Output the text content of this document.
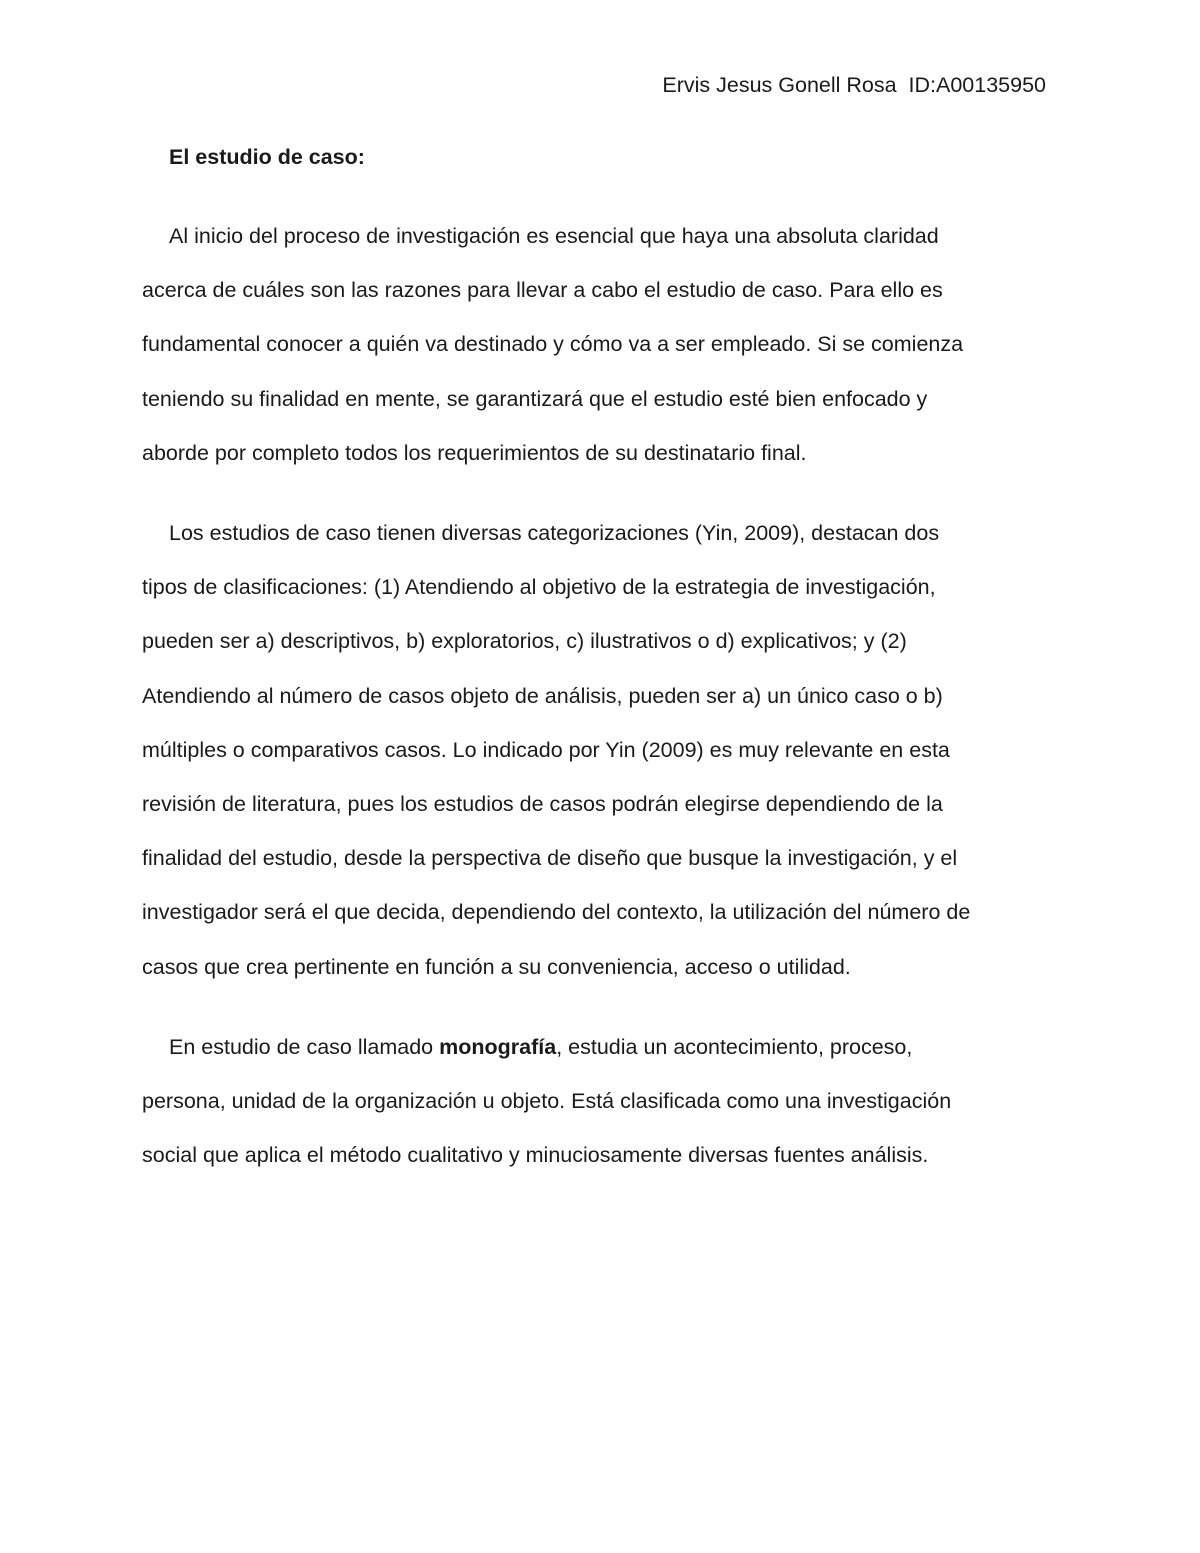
Ervis Jesus Gonell Rosa  ID:A00135950
El estudio de caso:
Al inicio del proceso de investigación es esencial que haya una absoluta claridad
acerca de cuáles son las razones para llevar a cabo el estudio de caso. Para ello es
fundamental conocer a quién va destinado y cómo va a ser empleado. Si se comienza
teniendo su finalidad en mente, se garantizará que el estudio esté bien enfocado y
aborde por completo todos los requerimientos de su destinatario final.
Los estudios de caso tienen diversas categorizaciones (Yin, 2009), destacan dos
tipos de clasificaciones: (1) Atendiendo al objetivo de la estrategia de investigación,
pueden ser a) descriptivos, b) exploratorios, c) ilustrativos o d) explicativos; y (2)
Atendiendo al número de casos objeto de análisis, pueden ser a) un único caso o b)
múltiples o comparativos casos. Lo indicado por Yin (2009) es muy relevante en esta
revisión de literatura, pues los estudios de casos podrán elegirse dependiendo de la
finalidad del estudio, desde la perspectiva de diseño que busque la investigación, y el
investigador será el que decida, dependiendo del contexto, la utilización del número de
casos que crea pertinente en función a su conveniencia, acceso o utilidad.
En estudio de caso llamado monografía, estudia un acontecimiento, proceso,
persona, unidad de la organización u objeto. Está clasificada como una investigación
social que aplica el método cualitativo y minuciosamente diversas fuentes análisis.
